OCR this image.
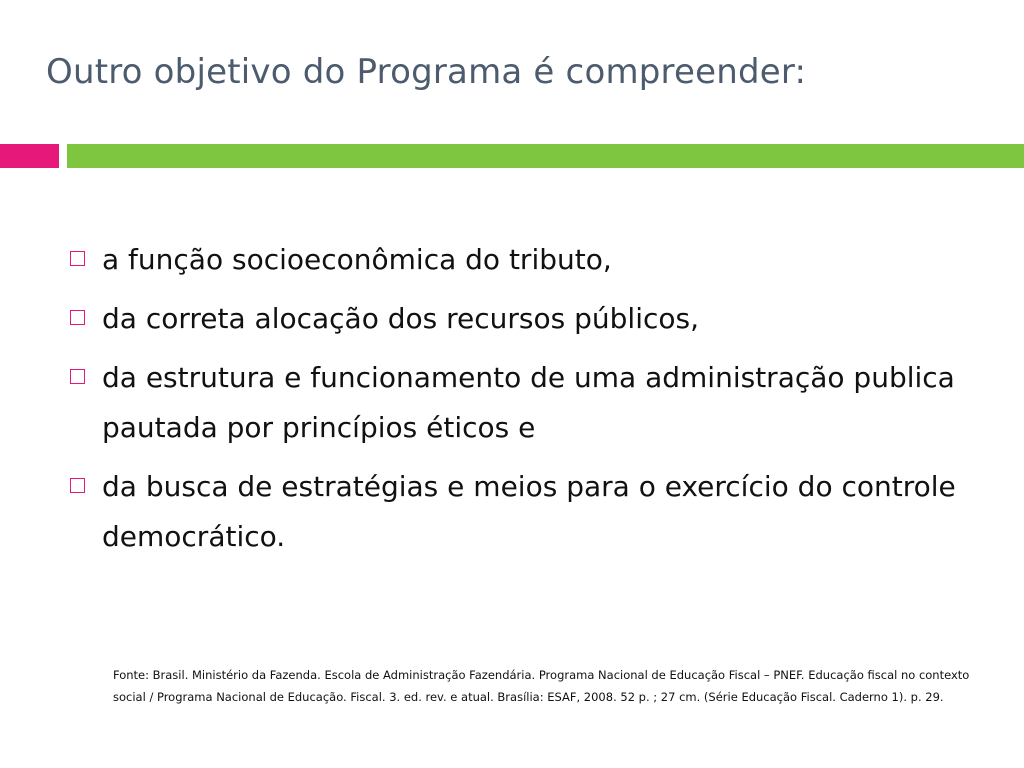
Outro objetivo do Programa é compreender:
a função socioeconômica do tributo,
da correta alocação dos recursos públicos,
da estrutura e funcionamento de uma administração publica pautada por princípios éticos e
da busca de estratégias e meios para o exercício do controle democrático.

Fonte: Brasil. Ministério da Fazenda. Escola de Administração Fazendária. Programa Nacional de Educação Fiscal – PNEF. Educação fiscal no contexto social / Programa Nacional de Educação. Fiscal. 3. ed. rev. e atual. Brasília: ESAF, 2008. 52 p. ; 27 cm. (Série Educação Fiscal. Caderno 1). p. 29.
